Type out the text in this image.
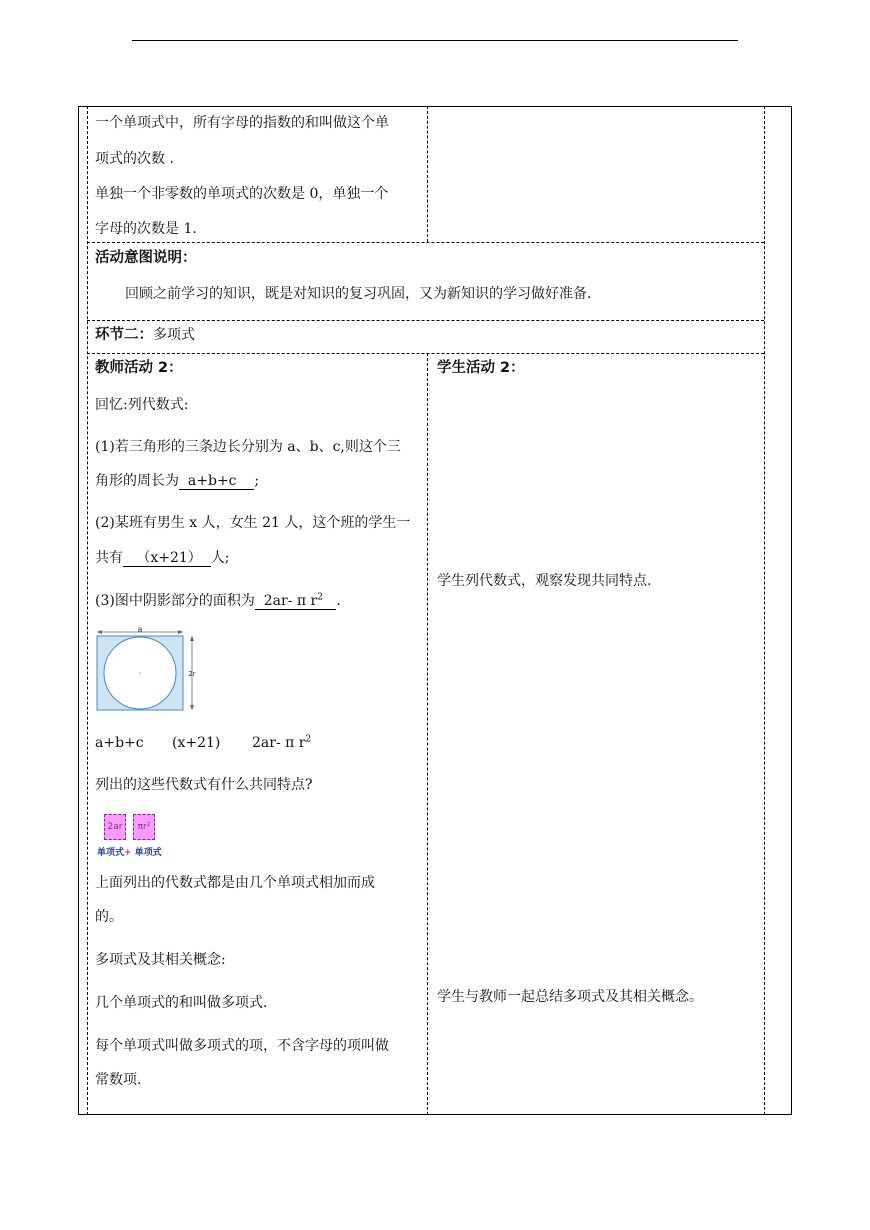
一个单项式中，所有字母的指数的和叫做这个单
项式的次数 .
单独一个非零数的单项式的次数是 0，单独一个
字母的次数是 1.
活动意图说明：
回顾之前学习的知识，既是对知识的复习巩固，又为新知识的学习做好准备.
环节二：多项式
教师活动 2：
回忆:列代数式:
(1)若三角形的三条边长分别为 a、b、c,则这个三
角形的周长为  a+b+c    ;
(2)某班有男生 x 人，女生 21 人，这个班的学生一
共有   （x+21）  人;
(3)图中阴影部分的面积为  2ar- π $r^2$ .
a
2r
a+b+c (x+21) 2ar- π $r^2$
列出的这些代数式有什么共同特点?
2ar	πr²
单项式+ 单项式
上面列出的代数式都是由几个单项式相加而成
的。
多项式及其相关概念:
几个单项式的和叫做多项式.
每个单项式叫做多项式的项，不含字母的项叫做
常数项.
学生活动 2：
学生列代数式，观察发现共同特点.
学生与教师一起总结多项式及其相关概念。
